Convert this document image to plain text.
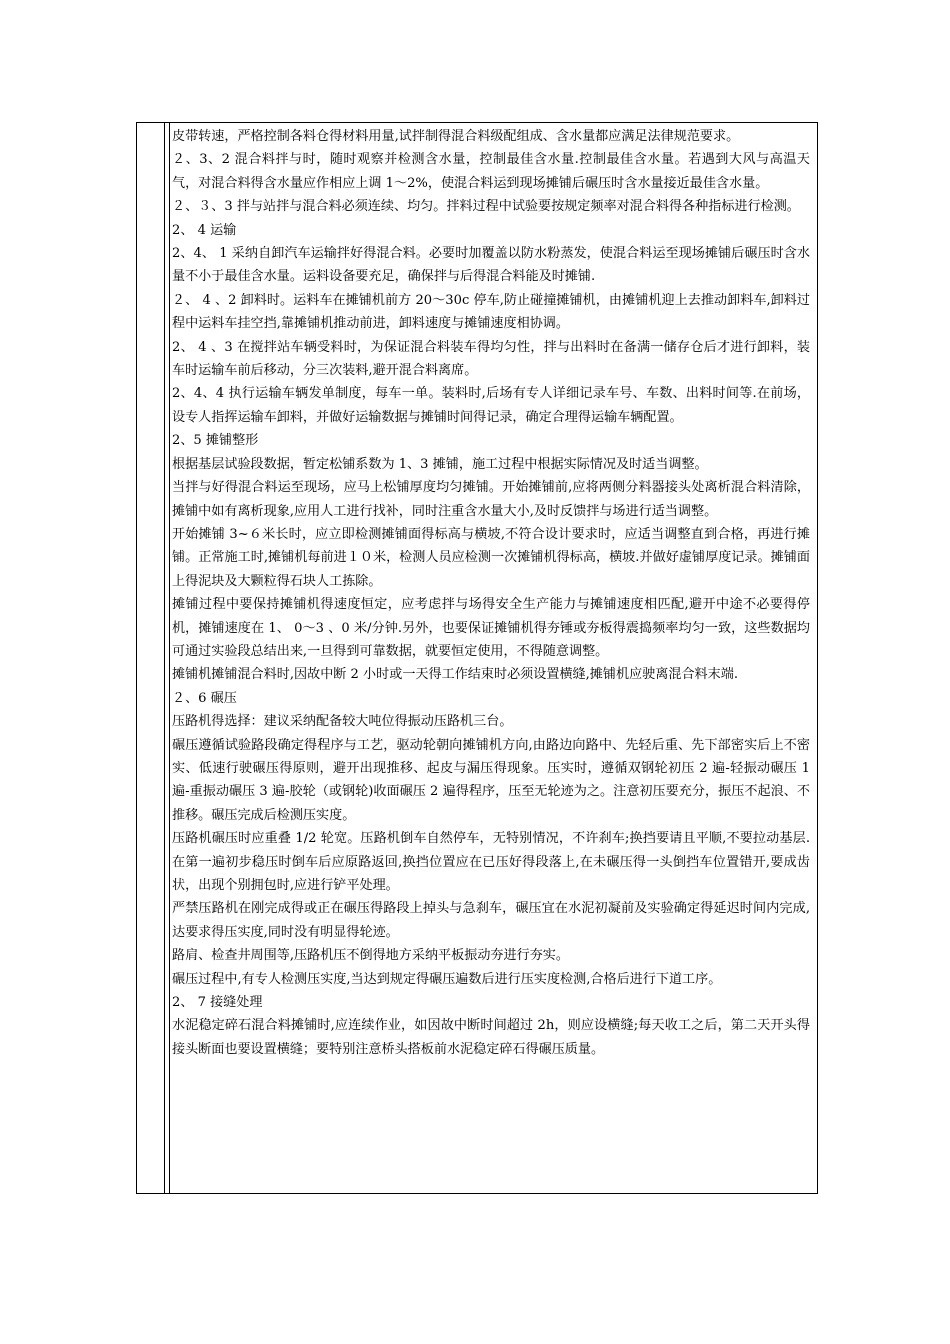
皮带转速，严格控制各料仓得材料用量,试拌制得混合料级配组成、含水量都应满足法律规范要求。

２、3、2 混合料拌与时，随时观察并检测含水量，控制最佳含水量.控制最佳含水量。若遇到大风与高温天气，对混合料得含水量应作相应上调 1～2%，使混合料运到现场摊铺后碾压时含水量接近最佳含水量。

２、３、3 拌与站拌与混合料必须连续、均匀。拌料过程中试验要按规定频率对混合料得各种指标进行检测。

2、 4 运输

2、4、 1 采纳自卸汽车运输拌好得混合料。必要时加覆盖以防水粉蒸发，使混合料运至现场摊铺后碾压时含水量不小于最佳含水量。运料设备要充足，确保拌与后得混合料能及时摊铺.

２、 4 、2 卸料时。运料车在摊铺机前方 20～30c 停车,防止碰撞摊铺机，由摊铺机迎上去推动卸料车,卸料过程中运料车挂空挡,靠摊铺机推动前进，卸料速度与摊铺速度相协调。

2、 4 、3 在搅拌站车辆受料时，为保证混合料装车得均匀性，拌与出料时在备满一储存仓后才进行卸料，装车时运输车前后移动，分三次装料,避开混合料离席。

2、4、4 执行运输车辆发单制度，每车一单。装料时,后场有专人详细记录车号、车数、出料时间等.在前场，设专人指挥运输车卸料，并做好运输数据与摊铺时间得记录，确定合理得运输车辆配置。

2、5 摊铺整形

根据基层试验段数据，暂定松铺系数为 1、3 摊铺，施工过程中根据实际情况及时适当调整。

当拌与好得混合料运至现场，应马上松铺厚度均匀摊铺。开始摊铺前,应将两侧分料器接头处离析混合料清除，摊铺中如有离析现象,应用人工进行找补，同时注重含水量大小,及时反馈拌与场进行适当调整。

开始摊铺 3~６米长时，应立即检测摊铺面得标高与横坡,不符合设计要求时，应适当调整直到合格，再进行摊铺。正常施工时,摊铺机每前进１０米，检测人员应检测一次摊铺机得标高，横坡.并做好虚铺厚度记录。摊铺面上得泥块及大颗粒得石块人工拣除。

摊铺过程中要保持摊铺机得速度恒定，应考虑拌与场得安全生产能力与摊铺速度相匹配,避开中途不必要得停机，摊铺速度在 1、 0～3 、0 米/分钟.另外，也要保证摊铺机得夯锤或夯板得震捣频率均匀一致，这些数据均可通过实验段总结出来,一旦得到可靠数据，就要恒定使用，不得随意调整。

摊铺机摊铺混合料时,因故中断 2 小时或一天得工作结束时必须设置横缝,摊铺机应驶离混合料末端.

２、6 碾压

压路机得选择：建议采纳配备较大吨位得振动压路机三台。

碾压遵循试验路段确定得程序与工艺，驱动轮朝向摊铺机方向,由路边向路中、先轻后重、先下部密实后上不密实、低速行驶碾压得原则，避开出现推移、起皮与漏压得现象。压实时，遵循双钢轮初压 2 遍-轻振动碾压 1 遍-重振动碾压 3 遍-胶轮（或钢轮)收面碾压 2 遍得程序，压至无轮迹为之。注意初压要充分，振压不起浪、不推移。碾压完成后检测压实度。

压路机碾压时应重叠 1/2 轮宽。压路机倒车自然停车，无特别情况，不许刹车;换挡要请且平顺,不要拉动基层.在第一遍初步稳压时倒车后应原路返回,换挡位置应在已压好得段落上,在未碾压得一头倒挡车位置错开,要成齿状，出现个别拥包时,应进行铲平处理。

严禁压路机在刚完成得或正在碾压得路段上掉头与急刹车，碾压宜在水泥初凝前及实验确定得延迟时间内完成,达要求得压实度,同时没有明显得轮迹。

路肩、检查井周围等,压路机压不倒得地方采纳平板振动夯进行夯实。

碾压过程中,有专人检测压实度,当达到规定得碾压遍数后进行压实度检测,合格后进行下道工序。

2、 7 接缝处理

水泥稳定碎石混合料摊铺时,应连续作业，如因故中断时间超过 2h，则应设横缝;每天收工之后，第二天开头得接头断面也要设置横缝；要特别注意桥头搭板前水泥稳定碎石得碾压质量。
